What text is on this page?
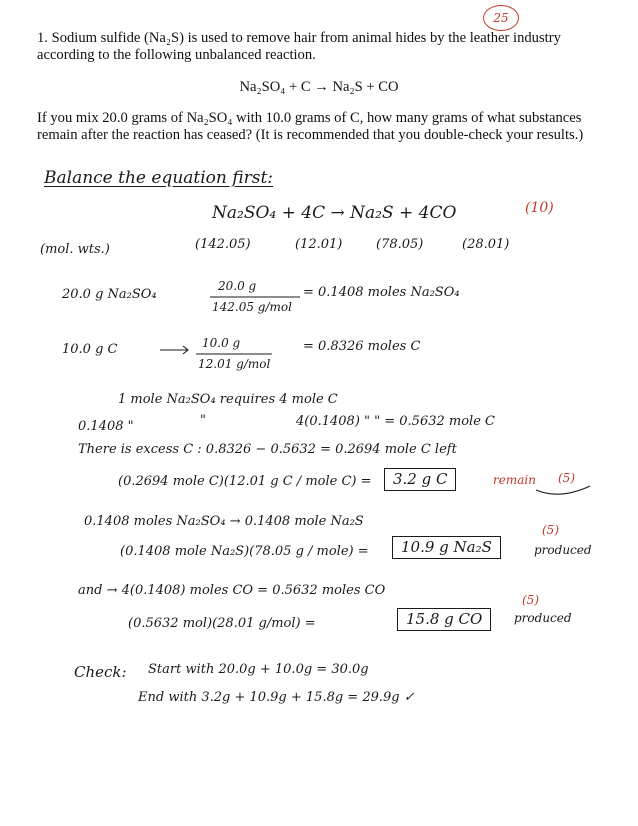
25
1. Sodium sulfide (Na₂S) is used to remove hair from animal hides by the leather industry according to the following unbalanced reaction.
Na₂SO₄ + C → Na₂S + CO
If you mix 20.0 grams of Na₂SO₄ with 10.0 grams of C, how many grams of what substances remain after the reaction has ceased? (It is recommended that you double-check your results.)
Balance the equation first:
Na₂SO₄ + 4C → Na₂S + 4CO	(10)
(mol. wts.)	(142.05)	(12.01)	(78.05)	(28.01)
20.0 g Na₂SO₄
20.0 g
142.05 g/mol
= 0.1408 moles Na₂SO₄
10.0 g C	10.0 g
12.01 g/mol
= 0.8326 moles C
1 mole Na₂SO₄ requires 4 mole C
0.1408 "	"	4(0.1408) " " = 0.5632 mole C
There is excess C : 0.8326 − 0.5632 = 0.2694 mole C left
(0.2694 mole C)(12.01 g C / mole C) =	3.2 g C	remain (5)
0.1408 moles Na₂SO₄ → 0.1408 mole Na₂S
(0.1408 mole Na₂S)(78.05 g / mole) =	10.9 g Na₂S
(5)
produced
and → 4(0.1408) moles CO = 0.5632 moles CO
(0.5632 mol)(28.01 g/mol) =	15.8 g CO
(5)
produced
Check: Start with 20.0g + 10.0g = 30.0g
End with 3.2g + 10.9g + 15.8g = 29.9g ✓
